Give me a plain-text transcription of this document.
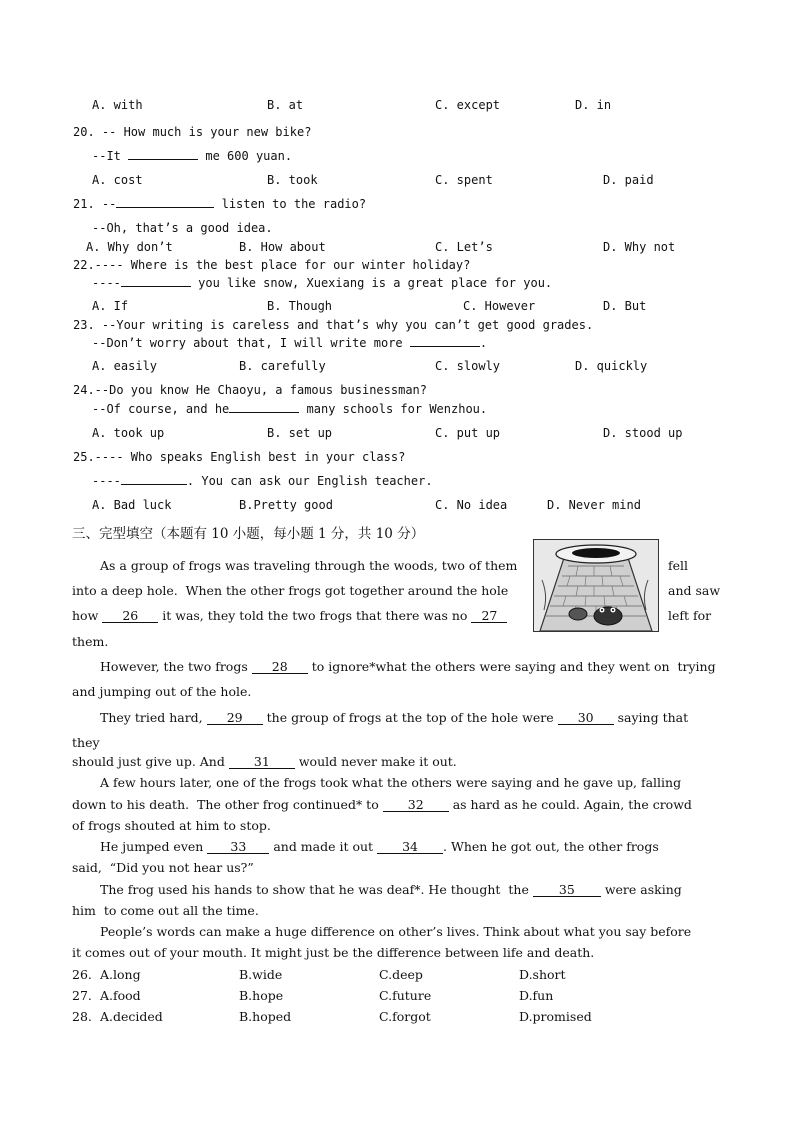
A. with	B. at	C. except	D. in
20. -- How much is your new bike?
--It	me 600 yuan.
A. cost	B. took	C. spent	D. paid
21. --	listen to the radio?
--Oh, that’s a good idea.
A. Why don’t	B. How about	C. Let’s	D. Why not
22.---- Where is the best place for our winter holiday?
----	you like snow, Xuexiang is a great place for you.
A. If	B. Though	C. However	D. But
23. --Your writing is careless and that’s why you can’t get good grades.
--Don’t worry about that, I will write more	.
A. easily	B. carefully	C. slowly	D. quickly
24.--Do you know He Chaoyu, a famous businessman?
--Of course, and he	many schools for Wenzhou.
A. took up	B. set up	C. put up	D. stood up
25.---- Who speaks English best in your class?
----	. You can ask our English teacher.
A. Bad luck	B.Pretty good	C. No idea	D. Never mind
三、完型填空（本题有 10 小题，每小题 1 分，共 10 分）
As a group of frogs was traveling through the woods, two of them	fell
into a deep hole.  When the other frogs got together around the hole	and saw
how 26 it was, they told the two frogs that there was no 27	left for
them.
However, the two frogs 28 to ignore*what the others were saying and they went on  trying
and jumping out of the hole.
They tried hard, 29 the group of frogs at the top of the hole were 30 saying that
they
should just give up. And 31 would never make it out.
A few hours later, one of the frogs took what the others were saying and he gave up, falling
down to his death.  The other frog continued* to 32 as hard as he could. Again, the crowd
of frogs shouted at him to stop.
He jumped even 33 and made it out 34 . When he got out, the other frogs
said,  “Did you not hear us?”
The frog used his hands to show that he was deaf*. He thought  the 35 were asking
him  to come out all the time.
People’s words can make a huge difference on other’s lives. Think about what you say before
it comes out of your mouth. It might just be the difference between life and death.
26. A.long	B.wide	C.deep	D.short
27. A.food	B.hope	C.future	D.fun
28. A.decided	B.hoped	C.forgot	D.promised
